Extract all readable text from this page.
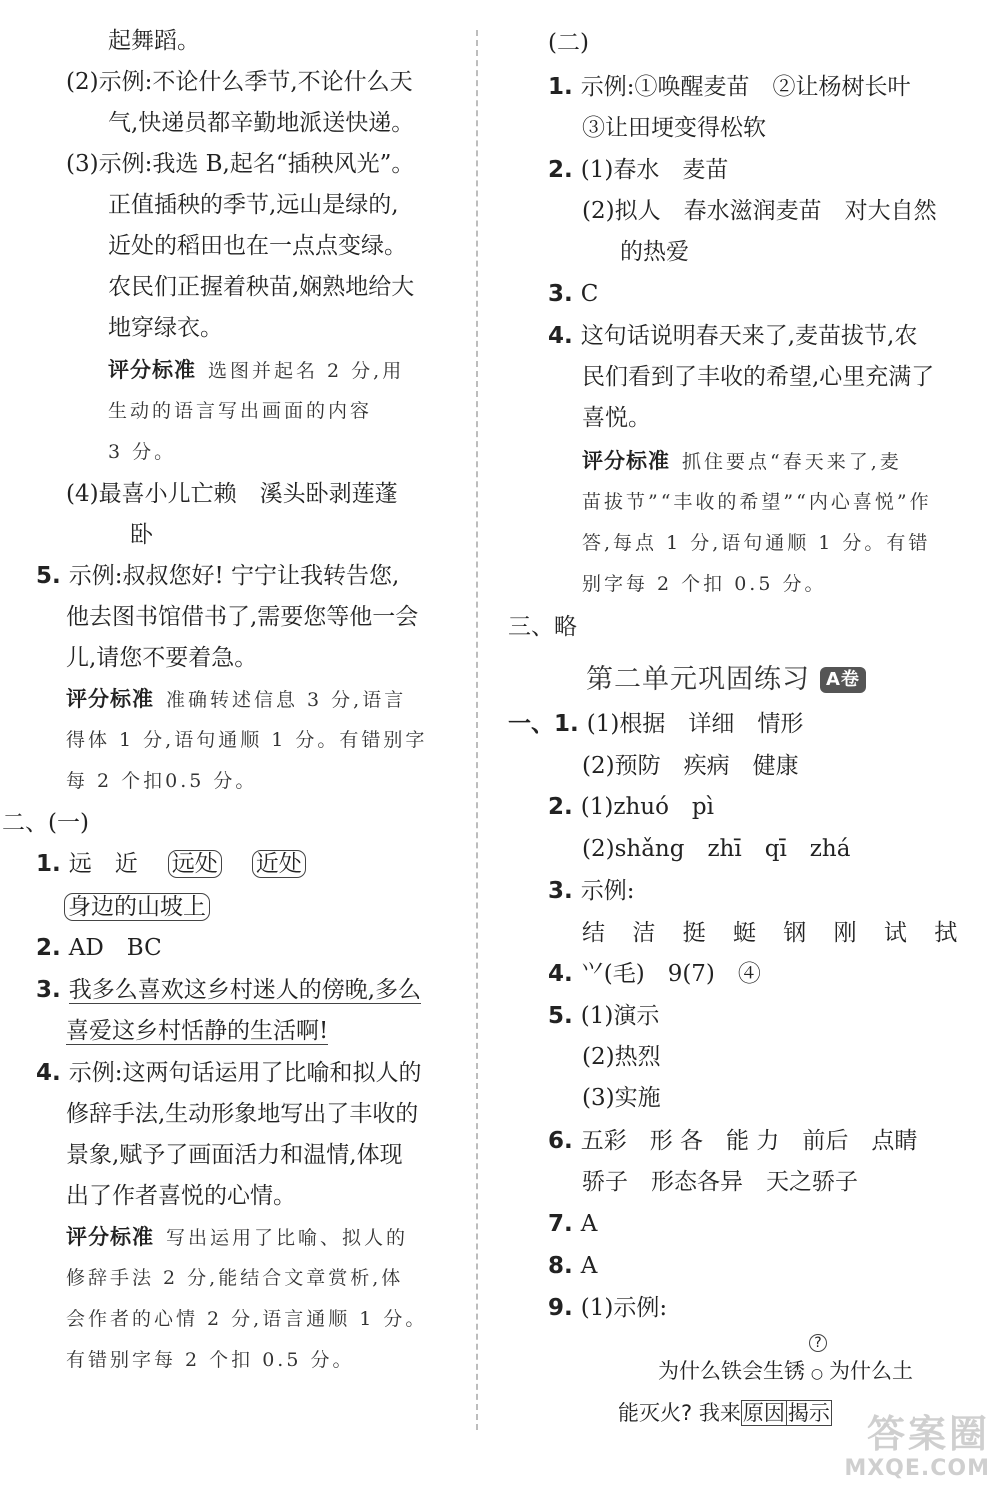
起舞蹈。
(2)示例:不论什么季节,不论什么天
气,快递员都辛勤地派送快递。
(3)示例:我选 B,起名“插秧风光”。
正值插秧的季节,远山是绿的,
近处的稻田也在一点点变绿。
农民们正握着秧苗,娴熟地给大
地穿绿衣。
评分标准 选图并起名 2 分,用
生动的语言写出画面的内容
3 分。
(4)最喜小儿亡赖　溪头卧剥莲蓬
卧
5. 示例:叔叔您好! 宁宁让我转告您,
他去图书馆借书了,需要您等他一会
儿,请您不要着急。
评分标准 准确转述信息 3 分,语言
得体 1 分,语句通顺 1 分。有错别字
每 2 个扣0.5 分。
二、(一)
1. 远　近 远处 近处
身边的山坡上
2. AD　BC
3. 我多么喜欢这乡村迷人的傍晚,多么
喜爱这乡村恬静的生活啊!
4. 示例:这两句话运用了比喻和拟人的
修辞手法,生动形象地写出了丰收的
景象,赋予了画面活力和温情,体现
出了作者喜悦的心情。
评分标准 写出运用了比喻、拟人的
修辞手法 2 分,能结合文章赏析,体
会作者的心情 2 分,语言通顺 1 分。
有错别字每 2 个扣 0.5 分。
(二)
1. 示例:①唤醒麦苗　②让杨树长叶
③让田埂变得松软
2. (1)春水　麦苗
(2)拟人　春水滋润麦苗　对大自然
的热爱
3. C
4. 这句话说明春天来了,麦苗拔节,农
民们看到了丰收的希望,心里充满了
喜悦。
评分标准 抓住要点“春天来了,麦
苗拔节”“丰收的希望”“内心喜悦”作
答,每点 1 分,语句通顺 1 分。有错
别字每 2 个扣 0.5 分。
三、略
第二单元巩固练习 A卷
一、1. (1)根据　详细　情形
(2)预防　疾病　健康
2. (1)zhuó　pì
(2)shǎng　zhī　qī　zhá
3. 示例:
结 洁 挺 蜓 钢 刚 试 拭
4. ⺍(毛)　9(7)　④
5. (1)演示
(2)热烈
(3)实施
6. 五彩　形 各　能 力　前后　点睛
骄子　形态各异　天之骄子
7. A
8. A
9. (1)示例:
为什么铁会生锈
?
○ 为什么土
能灭火? 我来原因 揭示 答案圈
MXQE.COM
